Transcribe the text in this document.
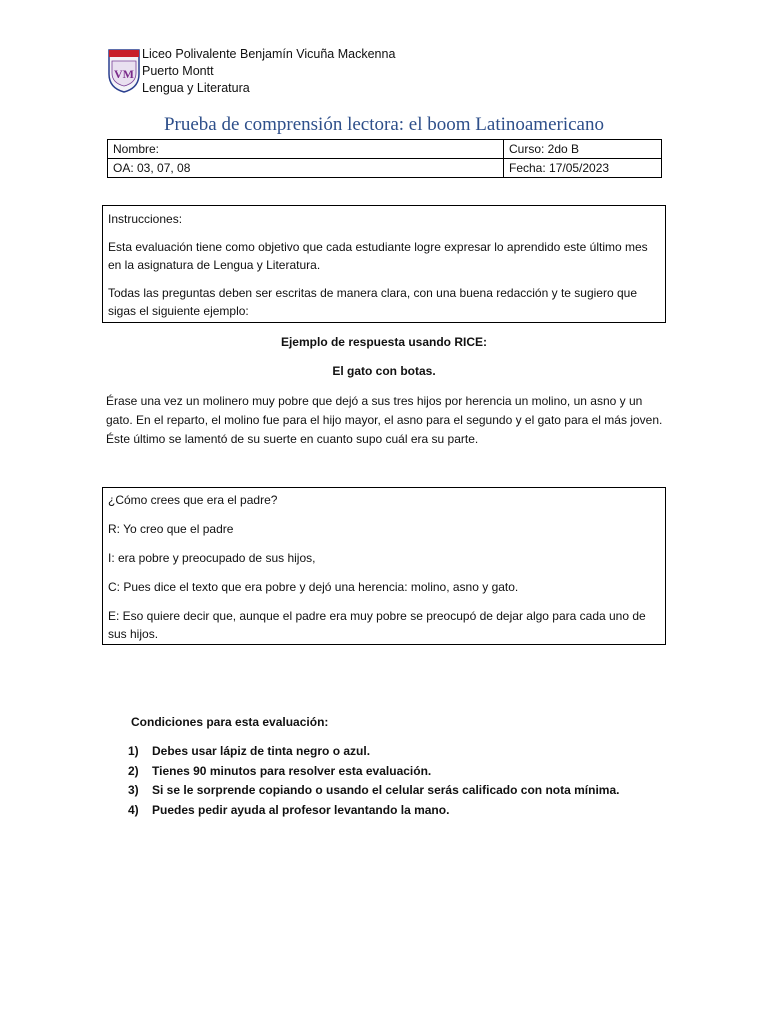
VM
Liceo Polivalente Benjamín Vicuña Mackenna
Puerto Montt
Lengua y Literatura
Prueba de comprensión lectora: el boom Latinoamericano
Nombre:	Curso: 2do B
OA: 03, 07, 08	Fecha: 17/05/2023

Instrucciones:

Esta evaluación tiene como objetivo que cada estudiante logre expresar lo aprendido este último mes en la asignatura de Lengua y Literatura.

Todas las preguntas deben ser escritas de manera clara, con una buena redacción y te sugiero que sigas el siguiente ejemplo:

Ejemplo de respuesta usando RICE:
El gato con botas.
Érase una vez un molinero muy pobre que dejó a sus tres hijos por herencia un molino, un asno y un gato. En el reparto, el molino fue para el hijo mayor, el asno para el segundo y el gato para el más joven. Éste último se lamentó de su suerte en cuanto supo cuál era su parte.

¿Cómo crees que era el padre?

R: Yo creo que el padre

I: era pobre y preocupado de sus hijos,

C: Pues dice el texto que era pobre y dejó una herencia: molino, asno y gato.

E: Eso quiere decir que, aunque el padre era muy pobre se preocupó de dejar algo para cada uno de sus hijos.

Condiciones para esta evaluación:
1) Debes usar lápiz de tinta negro o azul.
2) Tienes 90 minutos para resolver esta evaluación.
3) Si se le sorprende copiando o usando el celular serás calificado con nota mínima.
4) Puedes pedir ayuda al profesor levantando la mano.
